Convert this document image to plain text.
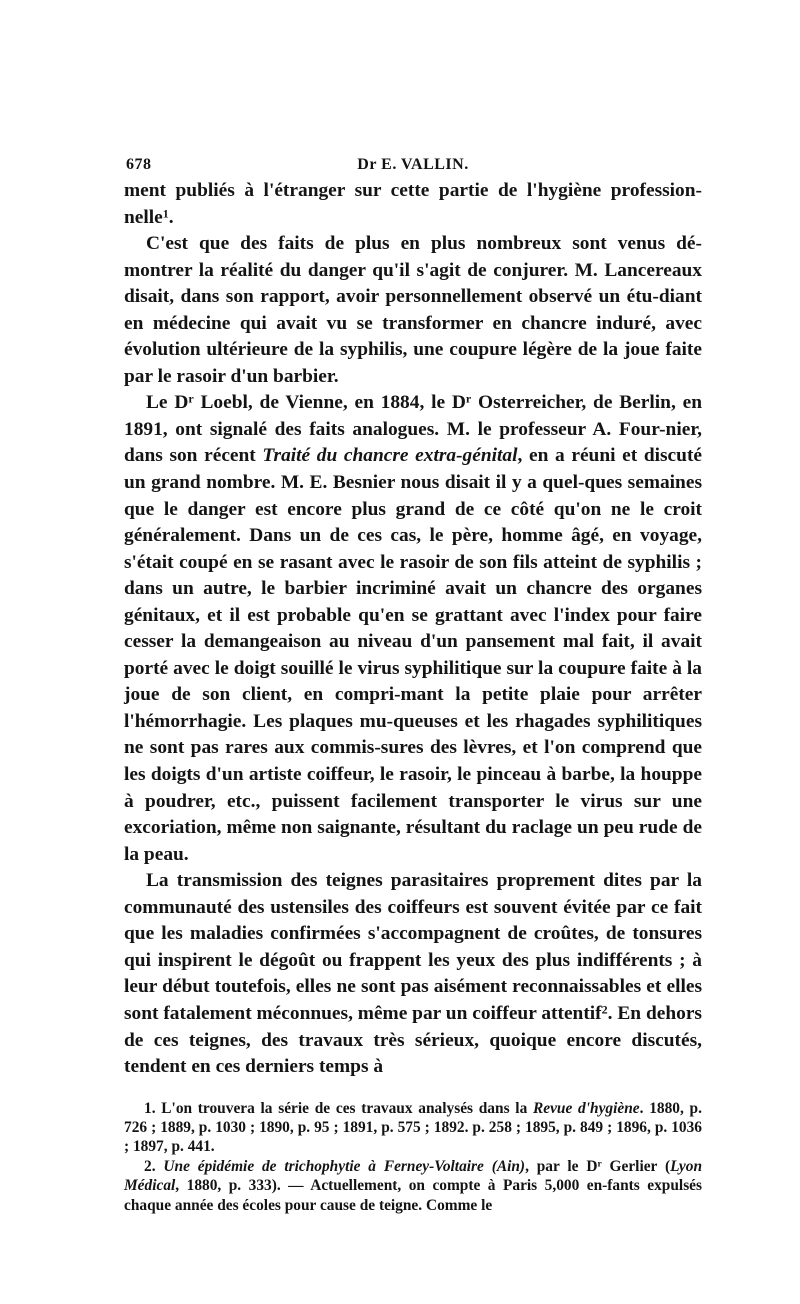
678	Dr E. VALLIN.

ment publiés à l'étranger sur cette partie de l'hygiène profession-nelle$^1$.

C'est que des faits de plus en plus nombreux sont venus dé-montrer la réalité du danger qu'il s'agit de conjurer. M. Lancereaux disait, dans son rapport, avoir personnellement observé un étu-diant en médecine qui avait vu se transformer en chancre induré, avec évolution ultérieure de la syphilis, une coupure légère de la joue faite par le rasoir d'un barbier.

Le $D^r$ Loebl, de Vienne, en 1884, le $D^r$ Osterreicher, de Berlin, en 1891, ont signalé des faits analogues. M. le professeur A. Four-nier, dans son récent Traité du chancre extra-génital, en a réuni et discuté un grand nombre. M. E. Besnier nous disait il y a quel-ques semaines que le danger est encore plus grand de ce côté qu'on ne le croit généralement. Dans un de ces cas, le père, homme âgé, en voyage, s'était coupé en se rasant avec le rasoir de son fils atteint de syphilis ; dans un autre, le barbier incriminé avait un chancre des organes génitaux, et il est probable qu'en se grattant avec l'index pour faire cesser la demangeaison au niveau d'un pansement mal fait, il avait porté avec le doigt souillé le virus syphilitique sur la coupure faite à la joue de son client, en compri-mant la petite plaie pour arrêter l'hémorrhagie. Les plaques mu-queuses et les rhagades syphilitiques ne sont pas rares aux commis-sures des lèvres, et l'on comprend que les doigts d'un artiste coiffeur, le rasoir, le pinceau à barbe, la houppe à poudrer, etc., puissent facilement transporter le virus sur une excoriation, même non saignante, résultant du raclage un peu rude de la peau.

La transmission des teignes parasitaires proprement dites par la communauté des ustensiles des coiffeurs est souvent évitée par ce fait que les maladies confirmées s'accompagnent de croûtes, de tonsures qui inspirent le dégoût ou frappent les yeux des plus indifférents ; à leur début toutefois, elles ne sont pas aisément reconnaissables et elles sont fatalement méconnues, même par un coiffeur attentif$^2$. En dehors de ces teignes, des travaux très sérieux, quoique encore discutés, tendent en ces derniers temps à

1. L'on trouvera la série de ces travaux analysés dans la Revue d'hygiène. 1880, p. 726 ; 1889, p. 1030 ; 1890, p. 95 ; 1891, p. 575 ; 1892. p. 258 ; 1895, p. 849 ; 1896, p. 1036 ; 1897, p. 441.

2. Une épidémie de trichophytie à Ferney-Voltaire (Ain), par le $D^r$ Gerlier (Lyon Médical, 1880, p. 333). — Actuellement, on compte à Paris 5,000 en-fants expulsés chaque année des écoles pour cause de teigne. Comme le
